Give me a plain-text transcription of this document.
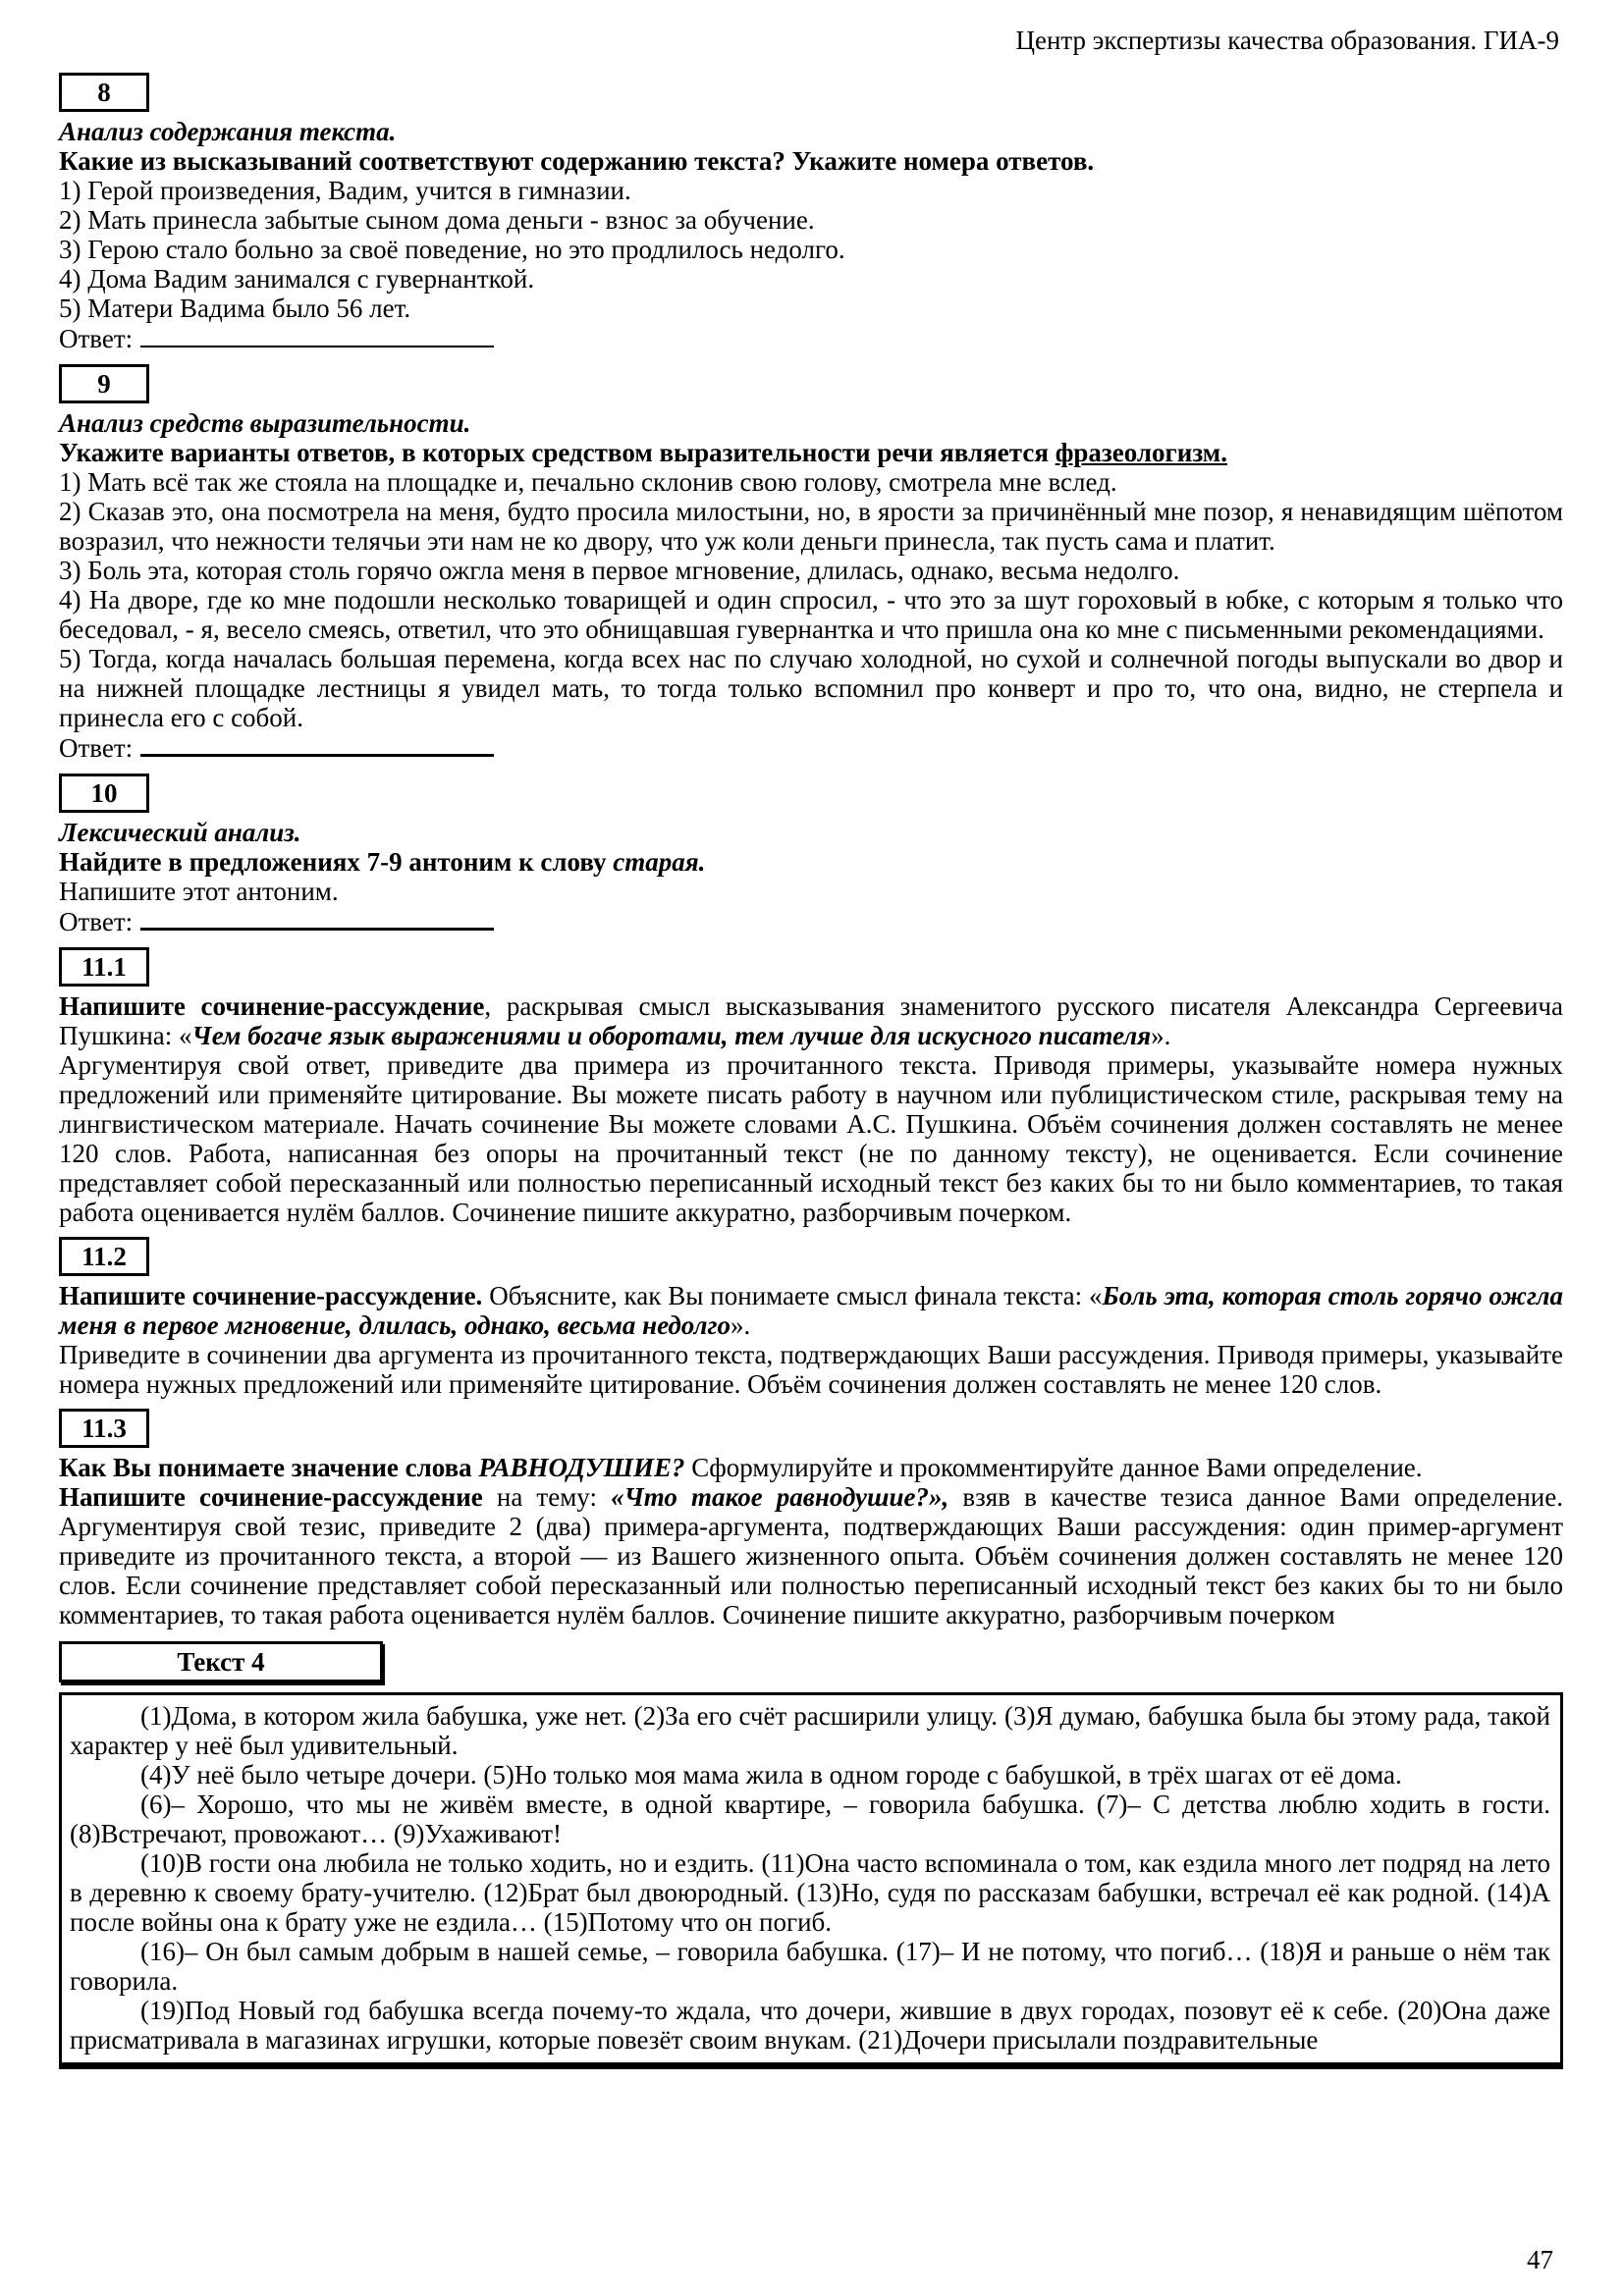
Центр экспертизы качества образования. ГИА-9
8

Анализ содержания текста.

Какие из высказываний соответствуют содержанию текста? Укажите номера ответов.

1) Герой произведения, Вадим, учится в гимназии.

2) Мать принесла забытые сыном дома деньги - взнос за обучение.

3) Герою стало больно за своё поведение, но это продлилось недолго.

4) Дома Вадим занимался с гувернанткой.

5) Матери Вадима было 56 лет.

Ответ:
9

Анализ средств выразительности.

Укажите варианты ответов, в которых средством выразительности речи является фразеологизм.

1) Мать всё так же стояла на площадке и, печально склонив свою голову, смотрела мне вслед.

2) Сказав это, она посмотрела на меня, будто просила милостыни, но, в ярости за причинённый мне позор, я ненавидящим шёпотом возразил, что нежности телячьи эти нам не ко двору, что уж коли деньги принесла, так пусть сама и платит.

3) Боль эта, которая столь горячо ожгла меня в первое мгновение, длилась, однако, весьма недолго.

4) На дворе, где ко мне подошли несколько товарищей и один спросил, - что это за шут гороховый в юбке, с которым я только что беседовал, - я, весело смеясь, ответил, что это обнищавшая гувернантка и что пришла она ко мне с письменными рекомендациями.

5) Тогда, когда началась большая перемена, когда всех нас по случаю холодной, но сухой и солнечной погоды выпускали во двор и на нижней площадке лестницы я увидел мать, то тогда только вспомнил про конверт и про то, что она, видно, не стерпела и принесла его с собой.

Ответ:
10

Лексический анализ.

Найдите в предложениях 7-9 антоним к слову старая.

Напишите этот антоним.

Ответ:
11.1

Напишите сочинение-рассуждение, раскрывая смысл высказывания знаменитого русского писателя Александра Сергеевича Пушкина: «Чем богаче язык выражениями и оборотами, тем лучше для искусного писателя».

Аргументируя свой ответ, приведите два примера из прочитанного текста. Приводя примеры, указывайте номера нужных предложений или применяйте цитирование. Вы можете писать работу в научном или публицистическом стиле, раскрывая тему на лингвистическом материале. Начать сочинение Вы можете словами А.С. Пушкина. Объём сочинения должен составлять не менее 120 слов. Работа, написанная без опоры на прочитанный текст (не по данному тексту), не оценивается. Если сочинение представляет собой пересказанный или полностью переписанный исходный текст без каких бы то ни было комментариев, то такая работа оценивается нулём баллов. Сочинение пишите аккуратно, разборчивым почерком.

11.2

Напишите сочинение-рассуждение. Объясните, как Вы понимаете смысл финала текста: «Боль эта, которая столь горячо ожгла меня в первое мгновение, длилась, однако, весьма недолго».

Приведите в сочинении два аргумента из прочитанного текста, подтверждающих Ваши рассуждения. Приводя примеры, указывайте номера нужных предложений или применяйте цитирование. Объём сочинения должен составлять не менее 120 слов.

11.3

Как Вы понимаете значение слова РАВНОДУШИЕ? Сформулируйте и прокомментируйте данное Вами определение.

Напишите сочинение-рассуждение на тему: «Что такое равнодушие?», взяв в качестве тезиса данное Вами определение. Аргументируя свой тезис, приведите 2 (два) примера-аргумента, подтверждающих Ваши рассуждения: один пример-аргумент приведите из прочитанного текста, а второй — из Вашего жизненного опыта. Объём сочинения должен составлять не менее 120 слов. Если сочинение представляет собой пересказанный или полностью переписанный исходный текст без каких бы то ни было комментариев, то такая работа оценивается нулём баллов. Сочинение пишите аккуратно, разборчивым почерком

Текст 4

(1)Дома, в котором жила бабушка, уже нет. (2)За его счёт расширили улицу. (3)Я думаю, бабушка была бы этому рада, такой характер у неё был удивительный.

(4)У неё было четыре дочери. (5)Но только моя мама жила в одном городе с бабушкой, в трёх шагах от её дома.

(6)– Хорошо, что мы не живём вместе, в одной квартире, – говорила бабушка. (7)– С детства люблю ходить в гости. (8)Встречают, провожают… (9)Ухаживают!

(10)В гости она любила не только ходить, но и ездить. (11)Она часто вспоминала о том, как ездила много лет подряд на лето в деревню к своему брату-учителю. (12)Брат был двоюродный. (13)Но, судя по рассказам бабушки, встречал её как родной. (14)А после войны она к брату уже не ездила… (15)Потому что он погиб.

(16)– Он был самым добрым в нашей семье, – говорила бабушка. (17)– И не потому, что погиб… (18)Я и раньше о нём так говорила.

(19)Под Новый год бабушка всегда почему-то ждала, что дочери, жившие в двух городах, позовут её к себе. (20)Она даже присматривала в магазинах игрушки, которые повезёт своим внукам. (21)Дочери присылали поздравительные

47
